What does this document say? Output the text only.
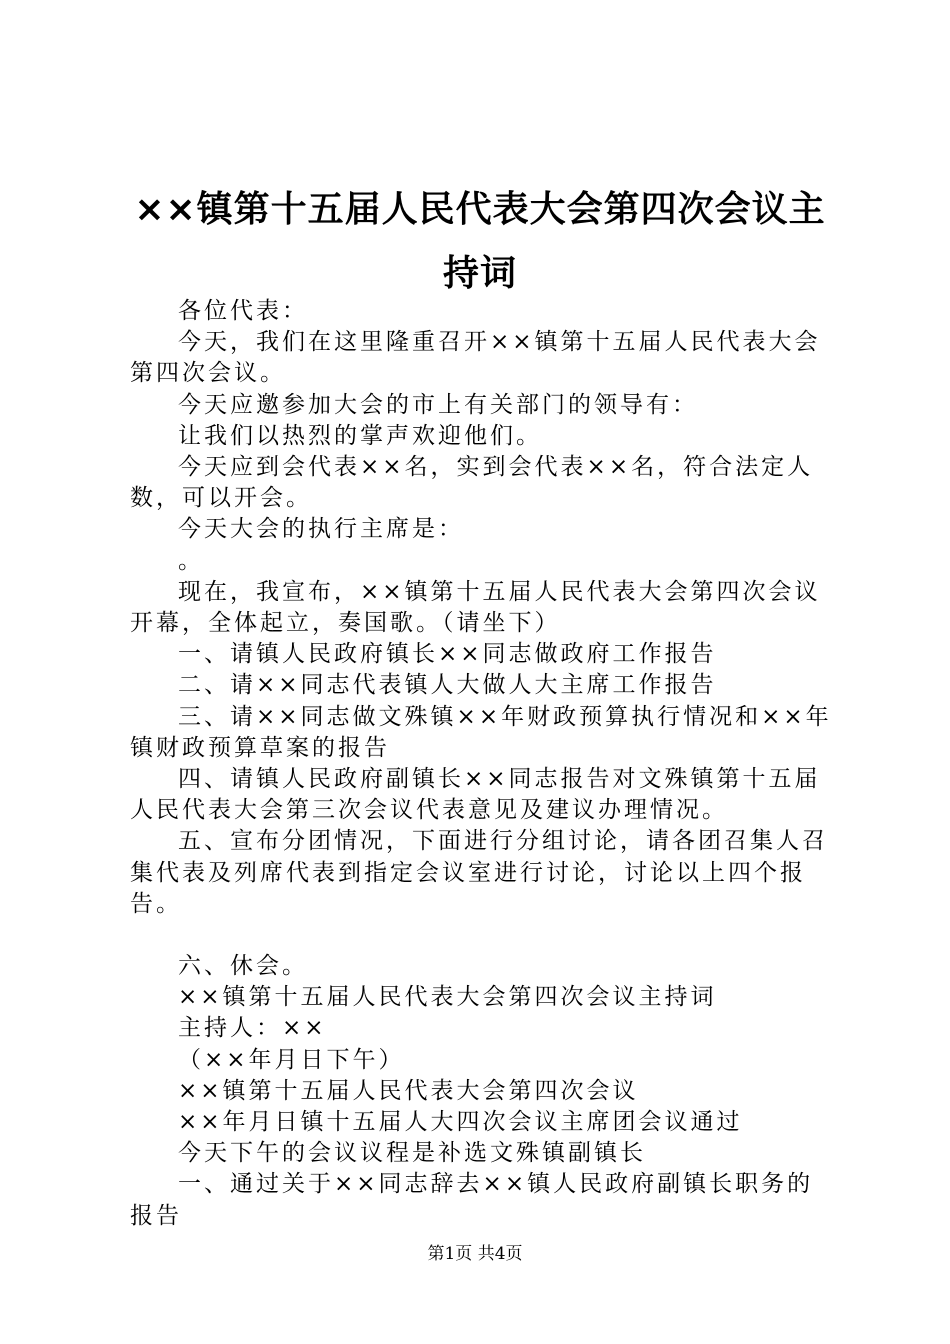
××镇第十五届人民代表大会第四次会议主持词

各位代表：

今天，我们在这里隆重召开××镇第十五届人民代表大会第四次会议。

今天应邀参加大会的市上有关部门的领导有：

让我们以热烈的掌声欢迎他们。

今天应到会代表××名，实到会代表××名，符合法定人数，可以开会。

今天大会的执行主席是：

。

现在，我宣布，××镇第十五届人民代表大会第四次会议开幕，全体起立，奏国歌。（请坐下）

一、请镇人民政府镇长××同志做政府工作报告

二、请××同志代表镇人大做人大主席工作报告

三、请××同志做文殊镇××年财政预算执行情况和××年镇财政预算草案的报告

四、请镇人民政府副镇长××同志报告对文殊镇第十五届人民代表大会第三次会议代表意见及建议办理情况。

五、宣布分团情况，下面进行分组讨论，请各团召集人召集代表及列席代表到指定会议室进行讨论，讨论以上四个报告。

六、休会。

××镇第十五届人民代表大会第四次会议主持词

主持人：××

（××年月日下午）

××镇第十五届人民代表大会第四次会议

××年月日镇十五届人大四次会议主席团会议通过

今天下午的会议议程是补选文殊镇副镇长

一、通过关于××同志辞去××镇人民政府副镇长职务的报告

第1页 共4页
